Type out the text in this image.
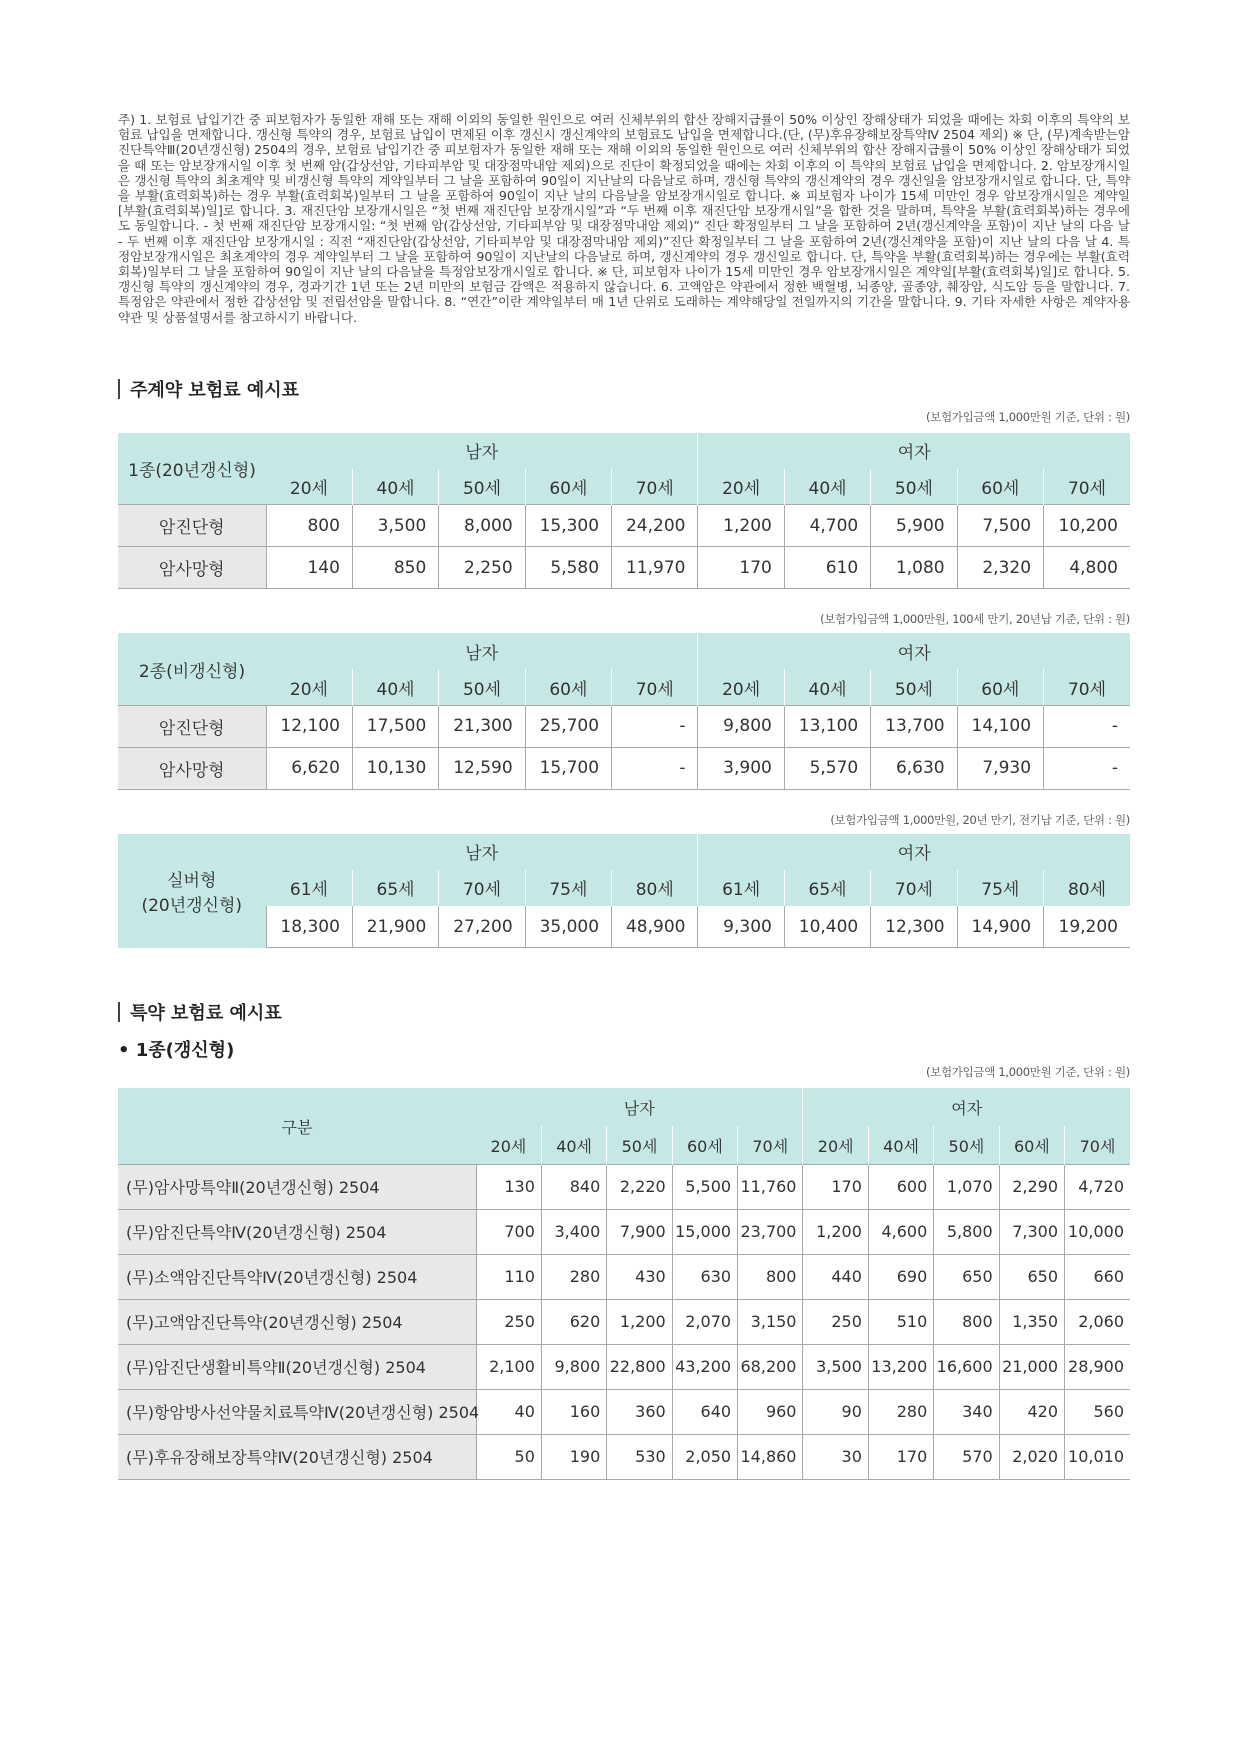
주) 1. 보험료 납입기간 중 피보험자가 동일한 재해 또는 재해 이외의 동일한 원인으로 여러 신체부위의 합산 장해지급률이 50% 이상인 장해상태가 되었을 때에는 차회 이후의 특약의 보험료 납입을 면제합니다. 갱신형 특약의 경우, 보험료 납입이 면제된 이후 갱신시 갱신계약의 보험료도 납입을 면제합니다.(단, (무)후유장해보장특약Ⅳ 2504 제외) ※ 단, (무)계속받는암진단특약Ⅲ(20년갱신형) 2504의 경우, 보험료 납입기간 중 피보험자가 동일한 재해 또는 재해 이외의 동일한 원인으로 여러 신체부위의 합산 장해지급률이 50% 이상인 장해상태가 되었을 때 또는 암보장개시일 이후 첫 번째 암(갑상선암, 기타피부암 및 대장점막내암 제외)으로 진단이 확정되었을 때에는 차회 이후의 이 특약의 보험료 납입을 면제합니다. 2. 암보장개시일은 갱신형 특약의 최초계약 및 비갱신형 특약의 계약일부터 그 날을 포함하여 90일이 지난날의 다음날로 하며, 갱신형 특약의 갱신계약의 경우 갱신일을 암보장개시일로 합니다. 단, 특약을 부활(효력회복)하는 경우 부활(효력회복)일부터 그 날을 포함하여 90일이 지난 날의 다음날을 암보장개시일로 합니다. ※ 피보험자 나이가 15세 미만인 경우 암보장개시일은 계약일[부활(효력회복)일]로 합니다. 3. 재진단암 보장개시일은 “첫 번째 재진단암 보장개시일”과 “두 번째 이후 재진단암 보장개시일”을 합한 것을 말하며, 특약을 부활(효력회복)하는 경우에도 동일합니다. - 첫 번째 재진단암 보장개시일: “첫 번째 암(갑상선암, 기타피부암 및 대장점막내암 제외)” 진단 확정일부터 그 날을 포함하여 2년(갱신계약을 포함)이 지난 날의 다음 날 - 두 번째 이후 재진단암 보장개시일 : 직전 “재진단암(갑상선암, 기타피부암 및 대장점막내암 제외)”진단 확정일부터 그 날을 포함하여 2년(갱신계약을 포함)이 지난 날의 다음 날 4. 특정암보장개시일은 최초계약의 경우 계약일부터 그 날을 포함하여 90일이 지난날의 다음날로 하며, 갱신계약의 경우 갱신일로 합니다. 단, 특약을 부활(효력회복)하는 경우에는 부활(효력회복)일부터 그 날을 포함하여 90일이 지난 날의 다음날을 특정암보장개시일로 합니다. ※ 단, 피보험자 나이가 15세 미만인 경우 암보장개시일은 계약일[부활(효력회복)일]로 합니다. 5. 갱신형 특약의 갱신계약의 경우, 경과기간 1년 또는 2년 미만의 보험금 감액은 적용하지 않습니다. 6. 고액암은 약관에서 정한 백혈병, 뇌종양, 골종양, 췌장암, 식도암 등을 말합니다. 7. 특정암은 약관에서 정한 갑상선암 및 전립선암을 말합니다. 8. “연간”이란 계약일부터 매 1년 단위로 도래하는 계약해당일 전일까지의 기간을 말합니다. 9. 기타 자세한 사항은 계약자용 약관 및 상품설명서를 참고하시기 바랍니다.

주계약 보험료 예시표
(보험가입금액 1,000만원 기준, 단위 : 원)
1종(20년갱신형)	남자					여자				
	20세	40세	50세	60세	70세	20세	40세	50세	60세	70세
암진단형	800	3,500	8,000	15,300	24,200	1,200	4,700	5,900	7,500	10,200
암사망형	140	850	2,250	5,580	11,970	170	610	1,080	2,320	4,800
(보험가입금액 1,000만원, 100세 만기, 20년납 기준, 단위 : 원)
2종(비갱신형)	남자					여자				
	20세	40세	50세	60세	70세	20세	40세	50세	60세	70세
암진단형	12,100	17,500	21,300	25,700	-	9,800	13,100	13,700	14,100	-
암사망형	6,620	10,130	12,590	15,700	-	3,900	5,570	6,630	7,930	-
(보험가입금액 1,000만원, 20년 만기, 전기납 기준, 단위 : 원)
실버형
(20년갱신형)	남자					여자				
	61세	65세	70세	75세	80세	61세	65세	70세	75세	80세
	18,300	21,900	27,200	35,000	48,900	9,300	10,400	12,300	14,900	19,200
특약 보험료 예시표
• 1종(갱신형)
(보험가입금액 1,000만원 기준, 단위 : 원)
구분	남자					여자				
	20세	40세	50세	60세	70세	20세	40세	50세	60세	70세
(무)암사망특약Ⅱ(20년갱신형) 2504	130	840	2,220	5,500	11,760	170	600	1,070	2,290	4,720
(무)암진단특약Ⅳ(20년갱신형) 2504	700	3,400	7,900	15,000	23,700	1,200	4,600	5,800	7,300	10,000
(무)소액암진단특약Ⅳ(20년갱신형) 2504	110	280	430	630	800	440	690	650	650	660
(무)고액암진단특약(20년갱신형) 2504	250	620	1,200	2,070	3,150	250	510	800	1,350	2,060
(무)암진단생활비특약Ⅱ(20년갱신형) 2504	2,100	9,800	22,800	43,200	68,200	3,500	13,200	16,600	21,000	28,900
(무)항암방사선약물치료특약Ⅳ(20년갱신형) 2504	40	160	360	640	960	90	280	340	420	560
(무)후유장해보장특약Ⅳ(20년갱신형) 2504	50	190	530	2,050	14,860	30	170	570	2,020	10,010
